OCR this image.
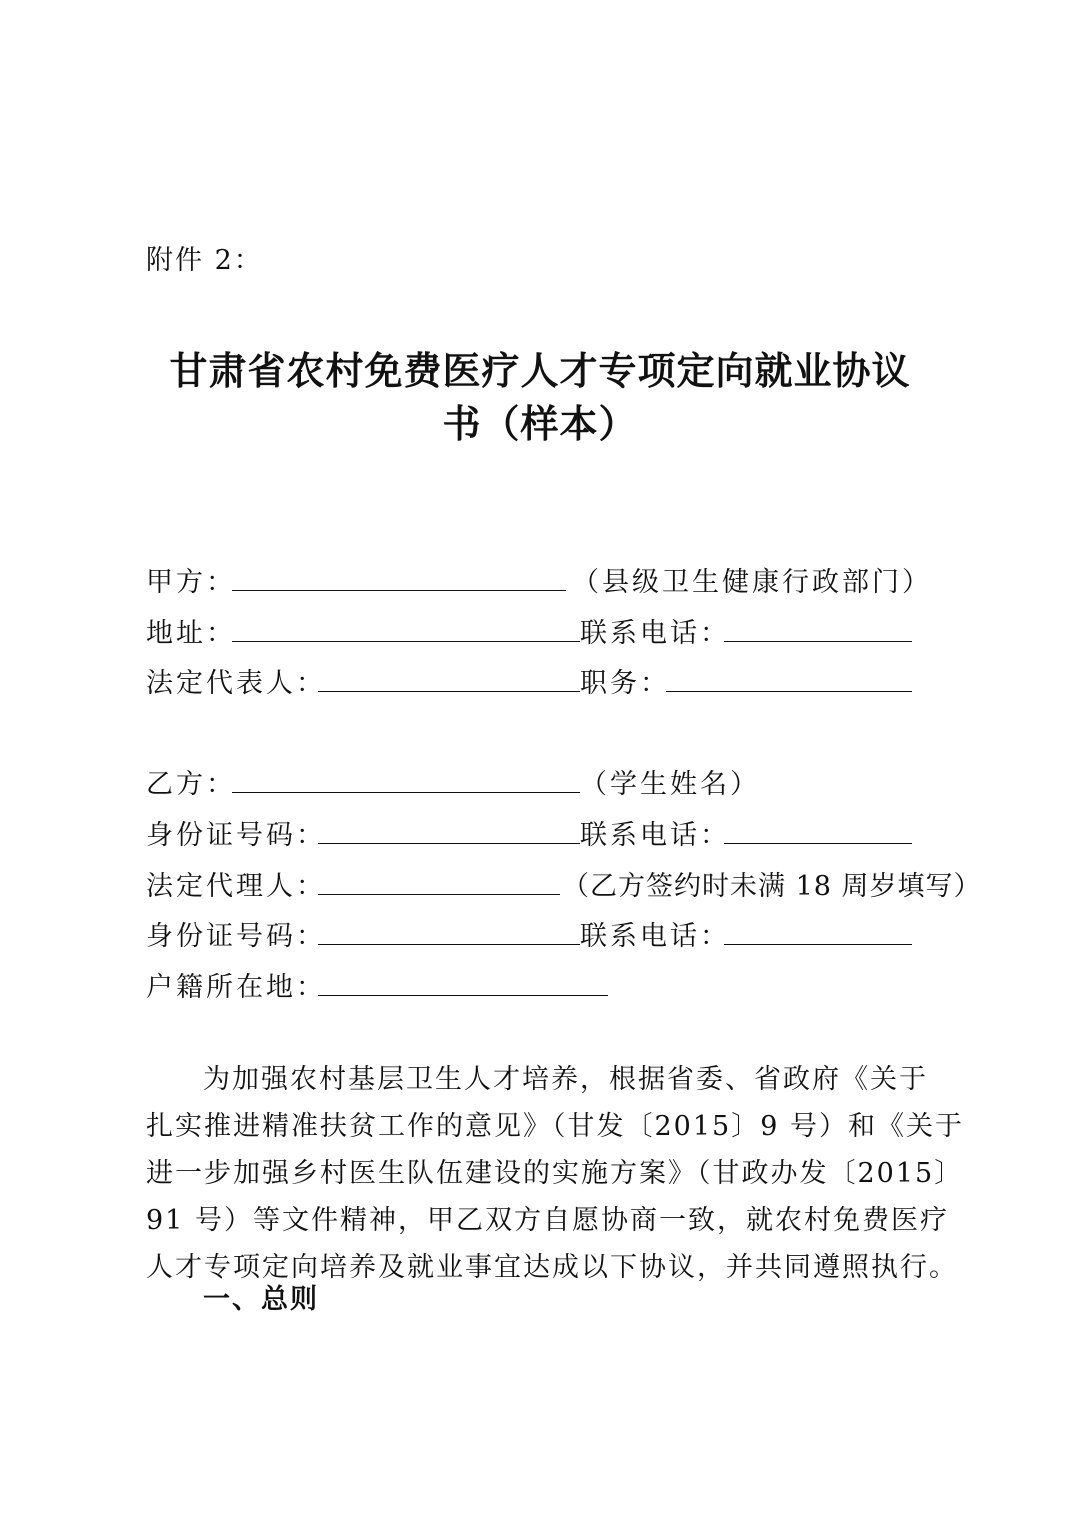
附件 2：
甘肃省农村免费医疗人才专项定向就业协议
书（样本）
甲方：	（县级卫生健康行政部门）
地址：	联系电话：
法定代表人：	职务：
乙方：	（学生姓名）
身份证号码：	联系电话：
法定代理人：	（乙方签约时未满 18 周岁填写）
身份证号码：	联系电话：
户籍所在地：
为加强农村基层卫生人才培养，根据省委、省政府《关于
扎实推进精准扶贫工作的意见》（甘发〔2015〕9 号）和《关于
进一步加强乡村医生队伍建设的实施方案》（甘政办发〔2015〕
91 号）等文件精神，甲乙双方自愿协商一致，就农村免费医疗
人才专项定向培养及就业事宜达成以下协议，并共同遵照执行。
一、总则
